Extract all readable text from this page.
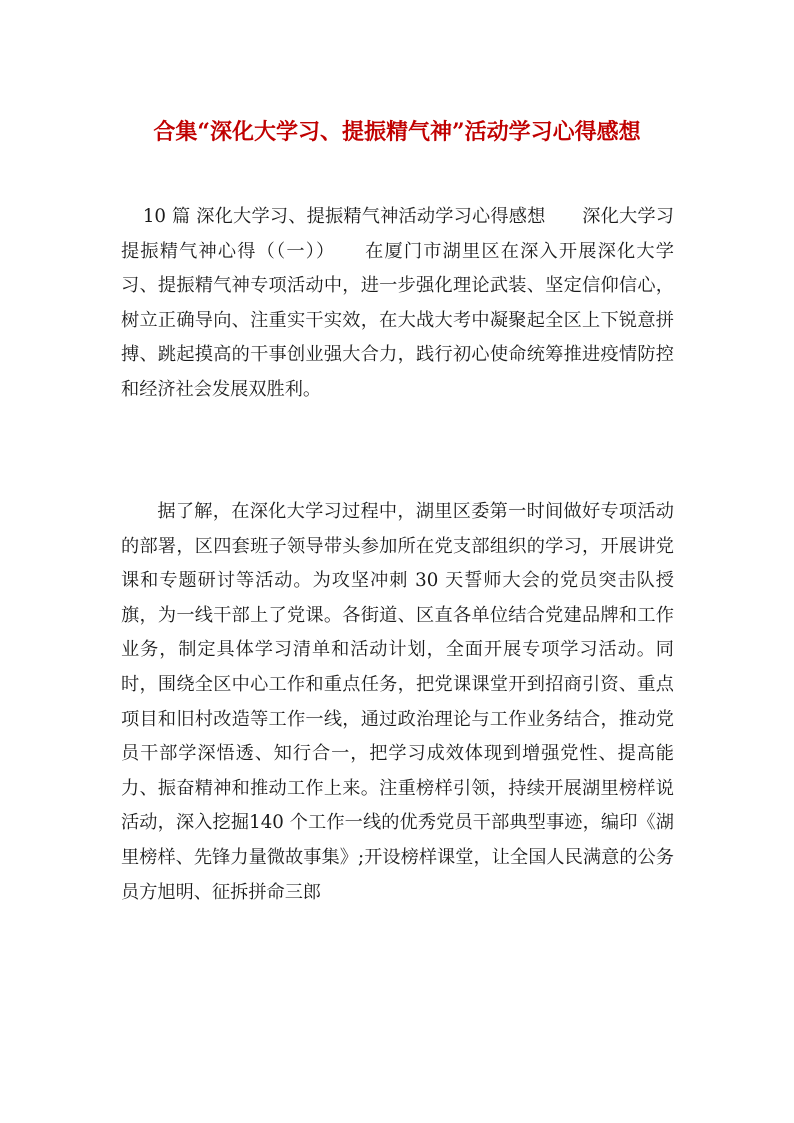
合集“深化大学习、提振精气神”活动学习心得感想

10 篇 深化大学习、提振精气神活动学习心得感想　　深化大学习提振精气神心得（（一））　　在厦门市湖里区在深入开展深化大学习、提振精气神专项活动中，进一步强化理论武装、坚定信仰信心，树立正确导向、注重实干实效，在大战大考中凝聚起全区上下锐意拼搏、跳起摸高的干事创业强大合力，践行初心使命统筹推进疫情防控和经济社会发展双胜利。

据了解，在深化大学习过程中，湖里区委第一时间做好专项活动的部署，区四套班子领导带头参加所在党支部组织的学习，开展讲党课和专题研讨等活动。为攻坚冲刺 30 天誓师大会的党员突击队授旗，为一线干部上了党课。各街道、区直各单位结合党建品牌和工作业务，制定具体学习清单和活动计划，全面开展专项学习活动。同时，围绕全区中心工作和重点任务，把党课课堂开到招商引资、重点项目和旧村改造等工作一线，通过政治理论与工作业务结合，推动党员干部学深悟透、知行合一，把学习成效体现到增强党性、提高能力、振奋精神和推动工作上来。注重榜样引领，持续开展湖里榜样说活动，深入挖掘140 个工作一线的优秀党员干部典型事迹，编印《湖里榜样、先锋力量微故事集》;开设榜样课堂，让全国人民满意的公务员方旭明、征拆拼命三郎
